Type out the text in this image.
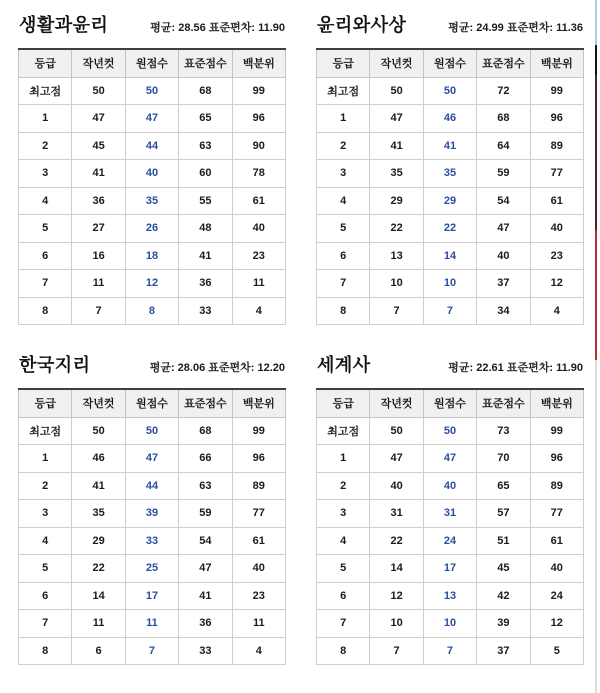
생활과윤리	평균: 28.56 표준편차: 11.90
등급	작년컷	원점수	표준점수	백분위
최고점	50	50	68	99
1	47	47	65	96
2	45	44	63	90
3	41	40	60	78
4	36	35	55	61
5	27	26	48	40
6	16	18	41	23
7	11	12	36	11
8	7	8	33	4
윤리와사상	평균: 24.99 표준편차: 11.36
등급	작년컷	원점수	표준점수	백분위
최고점	50	50	72	99
1	47	46	68	96
2	41	41	64	89
3	35	35	59	77
4	29	29	54	61
5	22	22	47	40
6	13	14	40	23
7	10	10	37	12
8	7	7	34	4
한국지리	평균: 28.06 표준편차: 12.20
등급	작년컷	원점수	표준점수	백분위
최고점	50	50	68	99
1	46	47	66	96
2	41	44	63	89
3	35	39	59	77
4	29	33	54	61
5	22	25	47	40
6	14	17	41	23
7	11	11	36	11
8	6	7	33	4
세계사	평균: 22.61 표준편차: 11.90
등급	작년컷	원점수	표준점수	백분위
최고점	50	50	73	99
1	47	47	70	96
2	40	40	65	89
3	31	31	57	77
4	22	24	51	61
5	14	17	45	40
6	12	13	42	24
7	10	10	39	12
8	7	7	37	5
